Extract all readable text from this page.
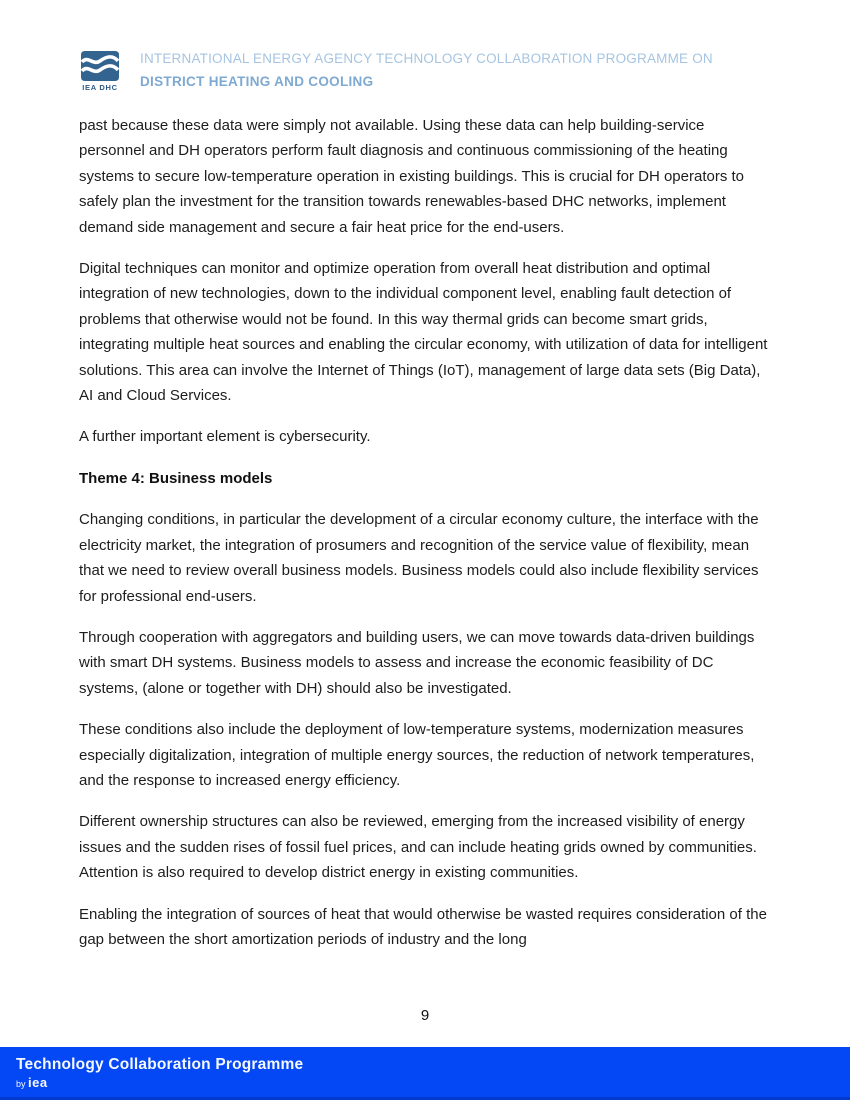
IEA DHC
INTERNATIONAL ENERGY AGENCY TECHNOLOGY COLLABORATION PROGRAMME ON
DISTRICT HEATING AND COOLING

past because these data were simply not available. Using these data can help building-service personnel and DH operators perform fault diagnosis and continuous commissioning of the heating systems to secure low-temperature operation in existing buildings. This is crucial for DH operators to safely plan the investment for the transition towards renewables-based DHC networks, implement demand side management and secure a fair heat price for the end-users.

Digital techniques can monitor and optimize operation from overall heat distribution and optimal integration of new technologies, down to the individual component level, enabling fault detection of problems that otherwise would not be found. In this way thermal grids can become smart grids, integrating multiple heat sources and enabling the circular economy, with utilization of data for intelligent solutions. This area can involve the Internet of Things (IoT), management of large data sets (Big Data), AI and Cloud Services.

A further important element is cybersecurity.

Theme 4: Business models

Changing conditions, in particular the development of a circular economy culture, the interface with the electricity market, the integration of prosumers and recognition of the service value of flexibility, mean that we need to review overall business models. Business models could also include flexibility services for professional end-users.

Through cooperation with aggregators and building users, we can move towards data-driven buildings with smart DH systems. Business models to assess and increase the economic feasibility of DC systems, (alone or together with DH) should also be investigated.

These conditions also include the deployment of low-temperature systems, modernization measures especially digitalization, integration of multiple energy sources, the reduction of network temperatures, and the response to increased energy efficiency.

Different ownership structures can also be reviewed, emerging from the increased visibility of energy issues and the sudden rises of fossil fuel prices, and can include heating grids owned by communities. Attention is also required to develop district energy in existing communities.

Enabling the integration of sources of heat that would otherwise be wasted requires consideration of the gap between the short amortization periods of industry and the long

9
Technology Collaboration Programme
by iea
